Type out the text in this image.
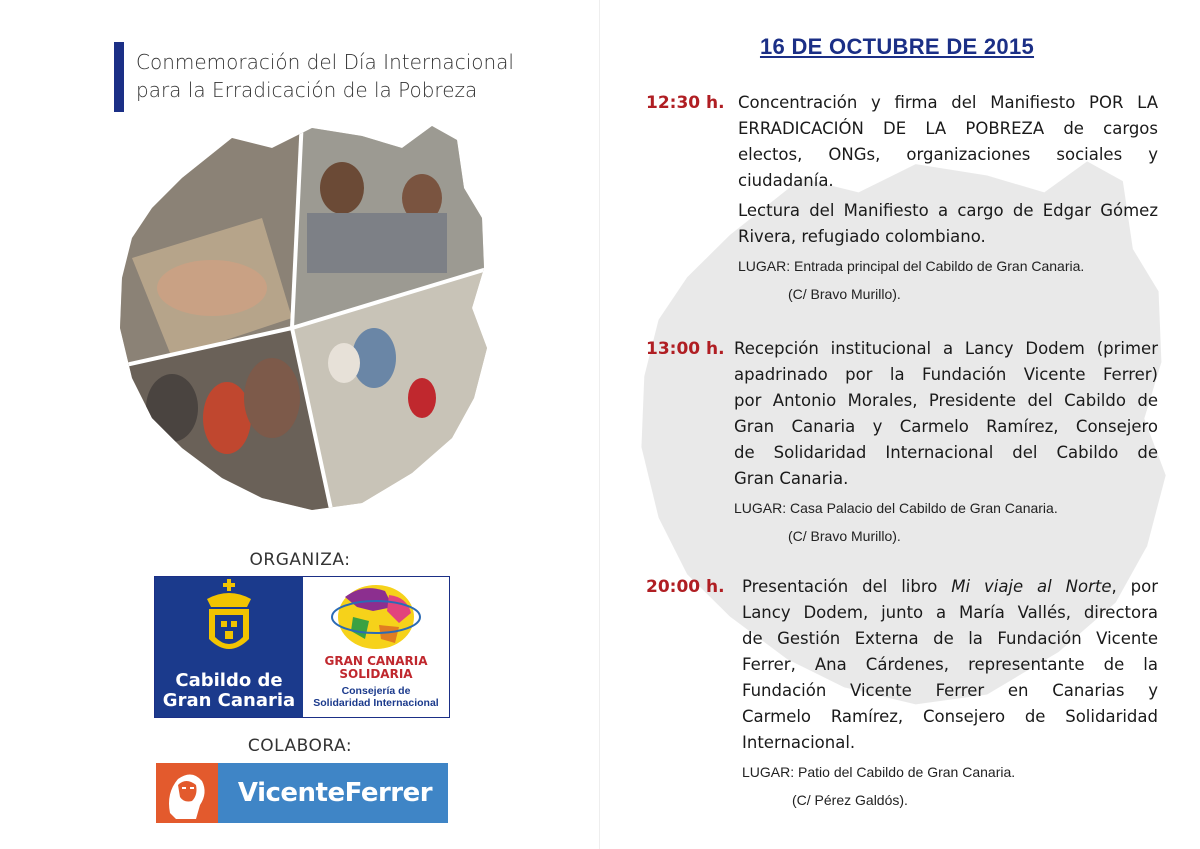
Conmemoración del Día Internacional
para la Erradicación de la Pobreza
ORGANIZA:
Cabildo de
Gran Canaria
GRAN CANARIA
SOLIDARIA
Consejería de
Solidaridad Internacional
COLABORA:
VicenteFerrer
16 DE OCTUBRE DE 2015
12:30 h. Concentración y firma del Manifiesto POR LA
ERRADICACIÓN DE LA POBREZA de cargos
electos, ONGs, organizaciones sociales y
ciudadanía.
Lectura del Manifiesto a cargo de Edgar Gómez
Rivera, refugiado colombiano.
LUGAR: Entrada principal del Cabildo de Gran Canaria.
(C/ Bravo Murillo).
13:00 h. Recepción institucional a Lancy Dodem (primer
apadrinado por la Fundación Vicente Ferrer)
por Antonio Morales, Presidente del Cabildo de
Gran Canaria y Carmelo Ramírez, Consejero
de Solidaridad Internacional del Cabildo de
Gran Canaria.
LUGAR: Casa Palacio del Cabildo de Gran Canaria.
(C/ Bravo Murillo).
20:00 h. Presentación del libro Mi viaje al Norte, por
Lancy Dodem, junto a María Vallés, directora
de Gestión Externa de la Fundación Vicente
Ferrer, Ana Cárdenes, representante de la
Fundación Vicente Ferrer en Canarias y
Carmelo Ramírez, Consejero de Solidaridad
Internacional.
LUGAR: Patio del Cabildo de Gran Canaria.
(C/ Pérez Galdós).
